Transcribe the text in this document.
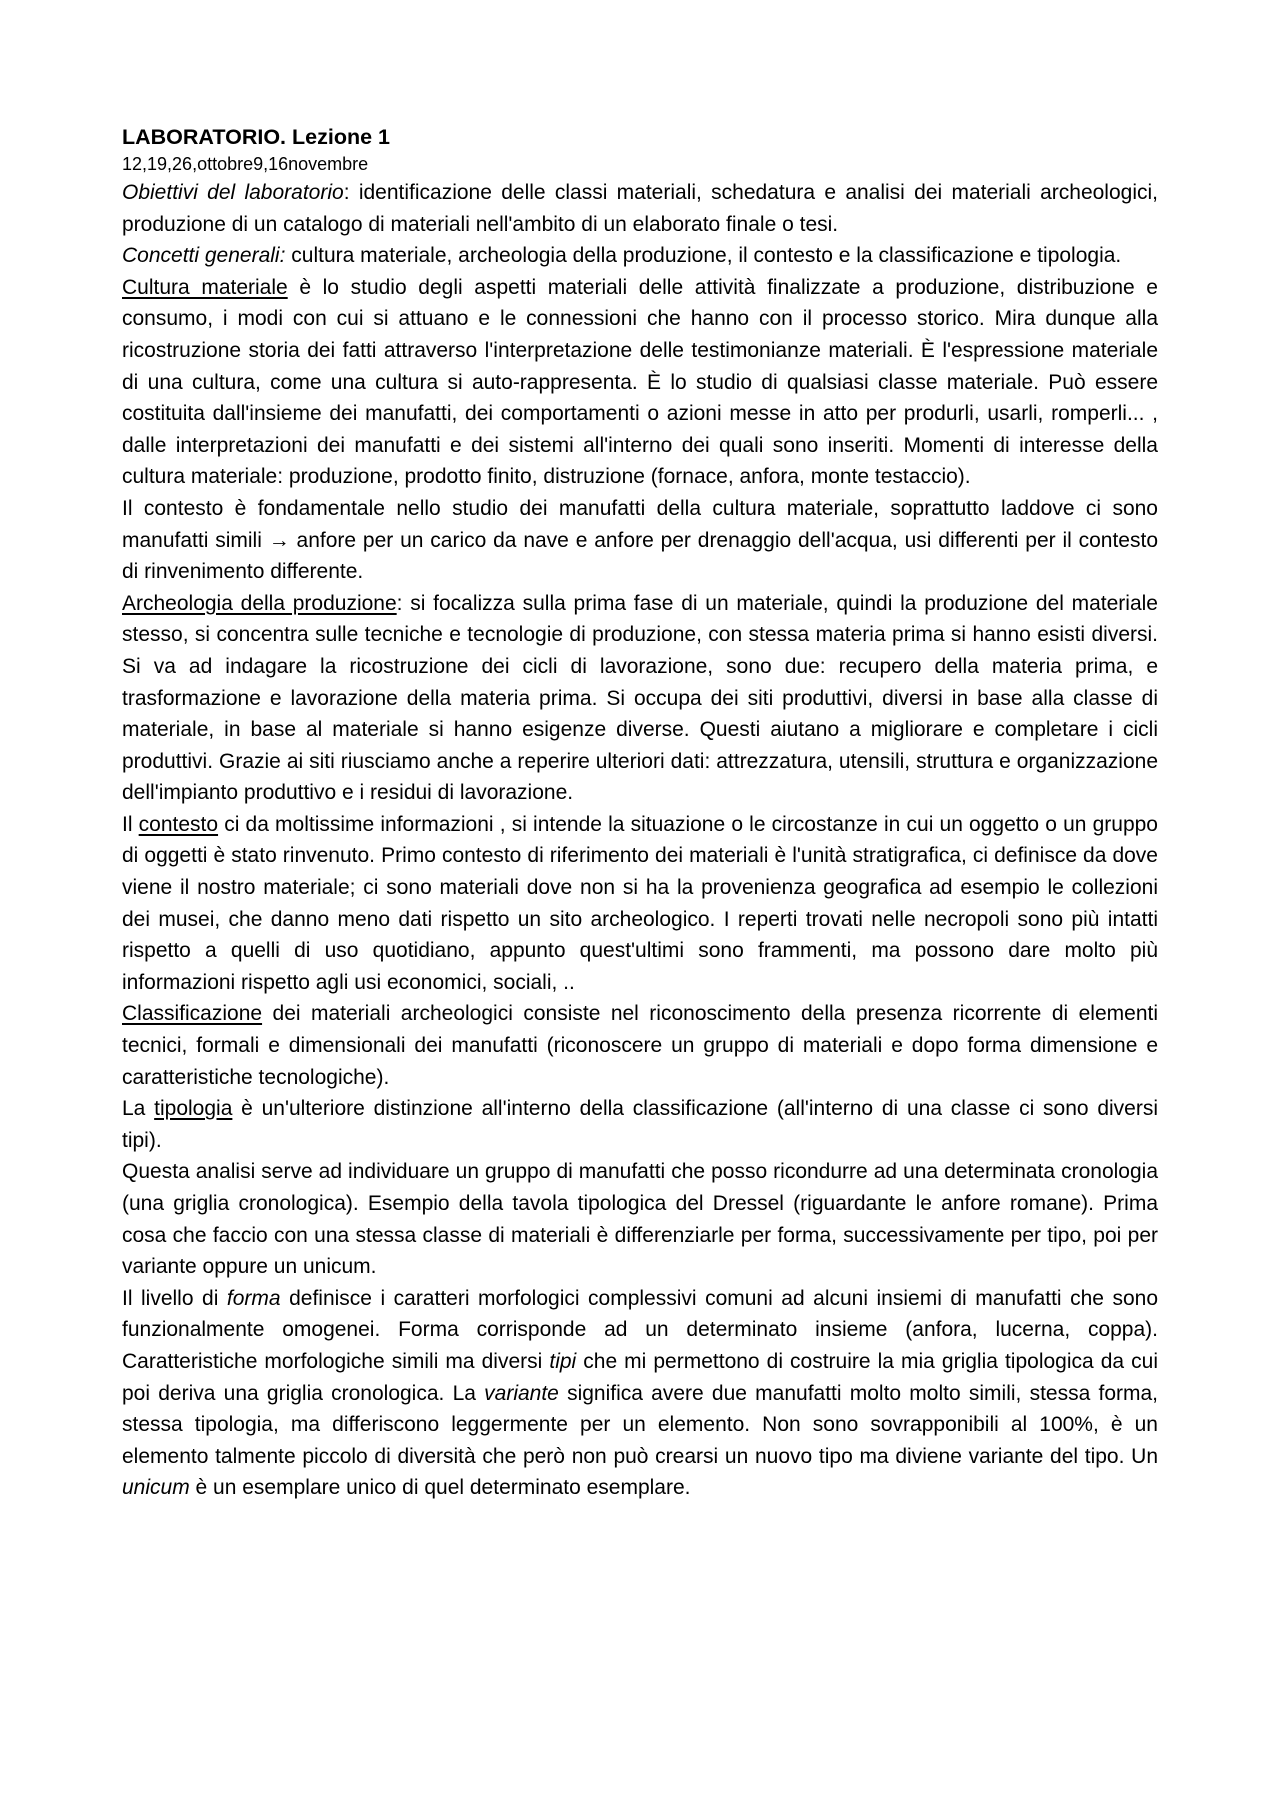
LABORATORIO. Lezione 1

12,19,26,ottobre9,16novembre

Obiettivi del laboratorio: identificazione delle classi materiali, schedatura e analisi dei materiali archeologici, produzione di un catalogo di materiali nell'ambito di un elaborato finale o tesi.

Concetti generali: cultura materiale, archeologia della produzione, il contesto e la classificazione e tipologia.

Cultura materiale è lo studio degli aspetti materiali delle attività finalizzate a produzione, distribuzione e consumo, i modi con cui si attuano e le connessioni che hanno con il processo storico. Mira dunque alla ricostruzione storia dei fatti attraverso l'interpretazione delle testimonianze materiali. È l'espressione materiale di una cultura, come una cultura si auto-rappresenta. È lo studio di qualsiasi classe materiale. Può essere costituita dall'insieme dei manufatti, dei comportamenti o azioni messe in atto per produrli, usarli, romperli... , dalle interpretazioni dei manufatti e dei sistemi all'interno dei quali sono inseriti. Momenti di interesse della cultura materiale: produzione, prodotto finito, distruzione (fornace, anfora, monte testaccio).

Il contesto è fondamentale nello studio dei manufatti della cultura materiale, soprattutto laddove ci sono manufatti simili → anfore per un carico da nave e anfore per drenaggio dell'acqua, usi differenti per il contesto di rinvenimento differente.

Archeologia della produzione: si focalizza sulla prima fase di un materiale, quindi la produzione del materiale stesso, si concentra sulle tecniche e tecnologie di produzione, con stessa materia prima si hanno esisti diversi. Si va ad indagare la ricostruzione dei cicli di lavorazione, sono due: recupero della materia prima, e trasformazione e lavorazione della materia prima. Si occupa dei siti produttivi, diversi in base alla classe di materiale, in base al materiale si hanno esigenze diverse. Questi aiutano a migliorare e completare i cicli produttivi. Grazie ai siti riusciamo anche a reperire ulteriori dati: attrezzatura, utensili, struttura e organizzazione dell'impianto produttivo e i residui di lavorazione.

Il contesto ci da moltissime informazioni , si intende la situazione o le circostanze in cui un oggetto o un gruppo di oggetti è stato rinvenuto. Primo contesto di riferimento dei materiali è l'unità stratigrafica, ci definisce da dove viene il nostro materiale; ci sono materiali dove non si ha la provenienza geografica ad esempio le collezioni dei musei, che danno meno dati rispetto un sito archeologico. I reperti trovati nelle necropoli sono più intatti rispetto a quelli di uso quotidiano, appunto quest'ultimi sono frammenti, ma possono dare molto più informazioni rispetto agli usi economici, sociali, ..

Classificazione dei materiali archeologici consiste nel riconoscimento della presenza ricorrente di elementi tecnici, formali e dimensionali dei manufatti (riconoscere un gruppo di materiali e dopo forma dimensione e caratteristiche tecnologiche).

La tipologia è un'ulteriore distinzione all'interno della classificazione (all'interno di una classe ci sono diversi tipi).

Questa analisi serve ad individuare un gruppo di manufatti che posso ricondurre ad una determinata cronologia (una griglia cronologica). Esempio della tavola tipologica del Dressel (riguardante le anfore romane). Prima cosa che faccio con una stessa classe di materiali è differenziarle per forma, successivamente per tipo, poi per variante oppure un unicum.

Il livello di forma definisce i caratteri morfologici complessivi comuni ad alcuni insiemi di manufatti che sono funzionalmente omogenei. Forma corrisponde ad un determinato insieme (anfora, lucerna, coppa). Caratteristiche morfologiche simili ma diversi tipi che mi permettono di costruire la mia griglia tipologica da cui poi deriva una griglia cronologica. La variante significa avere due manufatti molto molto simili, stessa forma, stessa tipologia, ma differiscono leggermente per un elemento. Non sono sovrapponibili al 100%, è un elemento talmente piccolo di diversità che però non può crearsi un nuovo tipo ma diviene variante del tipo. Un unicum è un esemplare unico di quel determinato esemplare.
